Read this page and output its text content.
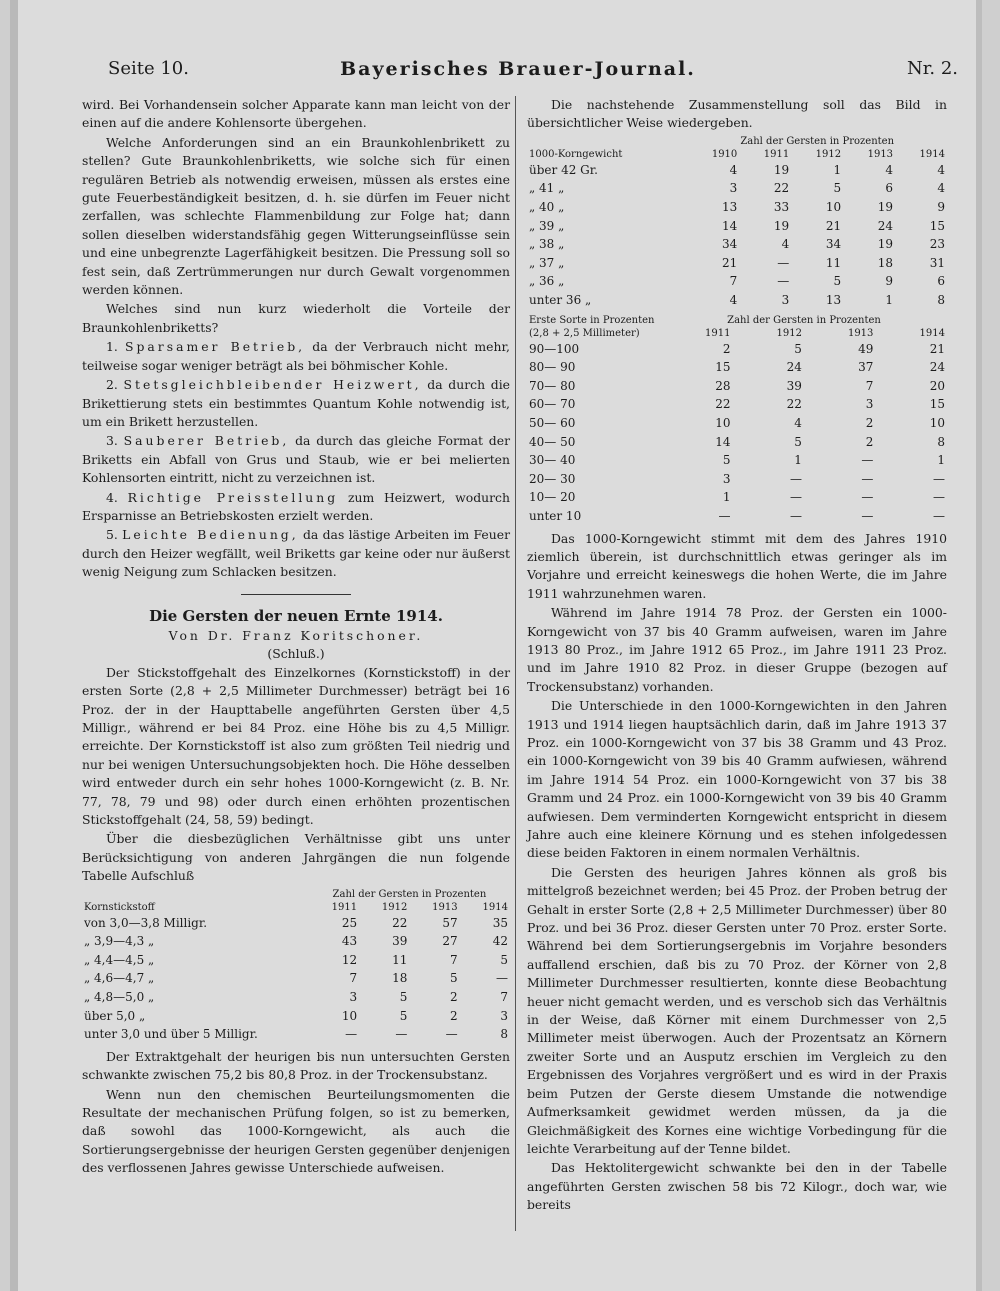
Seite 10.	Bayerisches Brauer-Journal.	Nr. 2.

wird. Bei Vorhandensein solcher Apparate kann man leicht von der einen auf die andere Kohlensorte übergehen.

Welche Anforderungen sind an ein Braunkohlenbrikett zu stellen? Gute Braunkohlenbriketts, wie solche sich für einen regulären Betrieb als notwendig erweisen, müssen als erstes eine gute Feuerbeständigkeit besitzen, d. h. sie dürfen im Feuer nicht zerfallen, was schlechte Flammenbildung zur Folge hat; dann sollen dieselben widerstandsfähig gegen Witterungseinflüsse sein und eine unbegrenzte Lagerfähigkeit besitzen. Die Pressung soll so fest sein, daß Zertrümmerungen nur durch Gewalt vorgenommen werden können.

Welches sind nun kurz wiederholt die Vorteile der Braunkohlenbriketts?

1. Sparsamer Betrieb, da der Verbrauch nicht mehr, teilweise sogar weniger beträgt als bei böhmischer Kohle.

2. Stetsgleichbleibender Heizwert, da durch die Brikettierung stets ein bestimmtes Quantum Kohle notwendig ist, um ein Brikett herzustellen.

3. Sauberer Betrieb, da durch das gleiche Format der Briketts ein Abfall von Grus und Staub, wie er bei melierten Kohlensorten eintritt, nicht zu verzeichnen ist.

4. Richtige Preisstellung zum Heizwert, wodurch Ersparnisse an Betriebskosten erzielt werden.

5. Leichte Bedienung, da das lästige Arbeiten im Feuer durch den Heizer wegfällt, weil Briketts gar keine oder nur äußerst wenig Neigung zum Schlacken besitzen.

Die Gersten der neuen Ernte 1914.

Von Dr. Franz Koritschoner.

(Schluß.)

Der Stickstoffgehalt des Einzelkornes (Kornstickstoff) in der ersten Sorte (2,8 + 2,5 Millimeter Durchmesser) beträgt bei 16 Proz. der in der Haupttabelle angeführten Gersten über 4,5 Milligr., während er bei 84 Proz. eine Höhe bis zu 4,5 Milligr. erreichte. Der Kornstickstoff ist also zum größten Teil niedrig und nur bei wenigen Untersuchungsobjekten hoch. Die Höhe desselben wird entweder durch ein sehr hohes 1000-Korngewicht (z. B. Nr. 77, 78, 79 und 98) oder durch einen erhöhten prozentischen Stickstoffgehalt (24, 58, 59) bedingt.

Über die diesbezüglichen Verhältnisse gibt uns unter Berücksichtigung von anderen Jahrgängen die nun folgende Tabelle Aufschluß

Kornstickstoff	Zahl der Gersten in Prozenten			
	1911	1912	1913	1914
von 3,0—3,8 Milligr.	25	22	57	35
„ 3,9—4,3 „	43	39	27	42
„ 4,4—4,5 „	12	11	7	5
„ 4,6—4,7 „	7	18	5	—
„ 4,8—5,0 „	3	5	2	7
über 5,0 „	10	5	2	3
unter 3,0 und über 5 Milligr.	—	—	—	8

Der Extraktgehalt der heurigen bis nun untersuchten Gersten schwankte zwischen 75,2 bis 80,8 Proz. in der Trockensubstanz.

Wenn nun den chemischen Beurteilungsmomenten die Resultate der mechanischen Prüfung folgen, so ist zu bemerken, daß sowohl das 1000-Korngewicht, als auch die Sortierungsergebnisse der heurigen Gersten gegenüber denjenigen des verflossenen Jahres gewisse Unterschiede aufweisen.

Die nachstehende Zusammenstellung soll das Bild in übersichtlicher Weise wiedergeben.

1000-Korngewicht	Zahl der Gersten in Prozenten				
	1910	1911	1912	1913	1914
über 42 Gr.	4	19	1	4	4
„ 41 „	3	22	5	6	4
„ 40 „	13	33	10	19	9
„ 39 „	14	19	21	24	15
„ 38 „	34	4	34	19	23
„ 37 „	21	—	11	18	31
„ 36 „	7	—	5	9	6
unter 36 „	4	3	13	1	8
Erste Sorte in Prozenten (2,8 + 2,5 Millimeter)	Zahl der Gersten in Prozenten			
	1911	1912	1913	1914
90—100	2	5	49	21
80— 90	15	24	37	24
70— 80	28	39	7	20
60— 70	22	22	3	15
50— 60	10	4	2	10
40— 50	14	5	2	8
30— 40	5	1	—	1
20— 30	3	—	—	—
10— 20	1	—	—	—
unter 10	—	—	—	—

Das 1000-Korngewicht stimmt mit dem des Jahres 1910 ziemlich überein, ist durchschnittlich etwas geringer als im Vorjahre und erreicht keineswegs die hohen Werte, die im Jahre 1911 wahrzunehmen waren.

Während im Jahre 1914 78 Proz. der Gersten ein 1000-Korngewicht von 37 bis 40 Gramm aufweisen, waren im Jahre 1913 80 Proz., im Jahre 1912 65 Proz., im Jahre 1911 23 Proz. und im Jahre 1910 82 Proz. in dieser Gruppe (bezogen auf Trockensubstanz) vorhanden.

Die Unterschiede in den 1000-Korngewichten in den Jahren 1913 und 1914 liegen hauptsächlich darin, daß im Jahre 1913 37 Proz. ein 1000-Korngewicht von 37 bis 38 Gramm und 43 Proz. ein 1000-Korngewicht von 39 bis 40 Gramm aufwiesen, während im Jahre 1914 54 Proz. ein 1000-Korngewicht von 37 bis 38 Gramm und 24 Proz. ein 1000-Korngewicht von 39 bis 40 Gramm aufwiesen. Dem verminderten Korngewicht entspricht in diesem Jahre auch eine kleinere Körnung und es stehen infolgedessen diese beiden Faktoren in einem normalen Verhältnis.

Die Gersten des heurigen Jahres können als groß bis mittelgroß bezeichnet werden; bei 45 Proz. der Proben betrug der Gehalt in erster Sorte (2,8 + 2,5 Millimeter Durchmesser) über 80 Proz. und bei 36 Proz. dieser Gersten unter 70 Proz. erster Sorte. Während bei dem Sortierungsergebnis im Vorjahre besonders auffallend erschien, daß bis zu 70 Proz. der Körner von 2,8 Millimeter Durchmesser resultierten, konnte diese Beobachtung heuer nicht gemacht werden, und es verschob sich das Verhältnis in der Weise, daß Körner mit einem Durchmesser von 2,5 Millimeter meist überwogen. Auch der Prozentsatz an Körnern zweiter Sorte und an Ausputz erschien im Vergleich zu den Ergebnissen des Vorjahres vergrößert und es wird in der Praxis beim Putzen der Gerste diesem Umstande die notwendige Aufmerksamkeit gewidmet werden müssen, da ja die Gleichmäßigkeit des Kornes eine wichtige Vorbedingung für die leichte Verarbeitung auf der Tenne bildet.

Das Hektolitergewicht schwankte bei den in der Tabelle angeführten Gersten zwischen 58 bis 72 Kilogr., doch war, wie bereits
